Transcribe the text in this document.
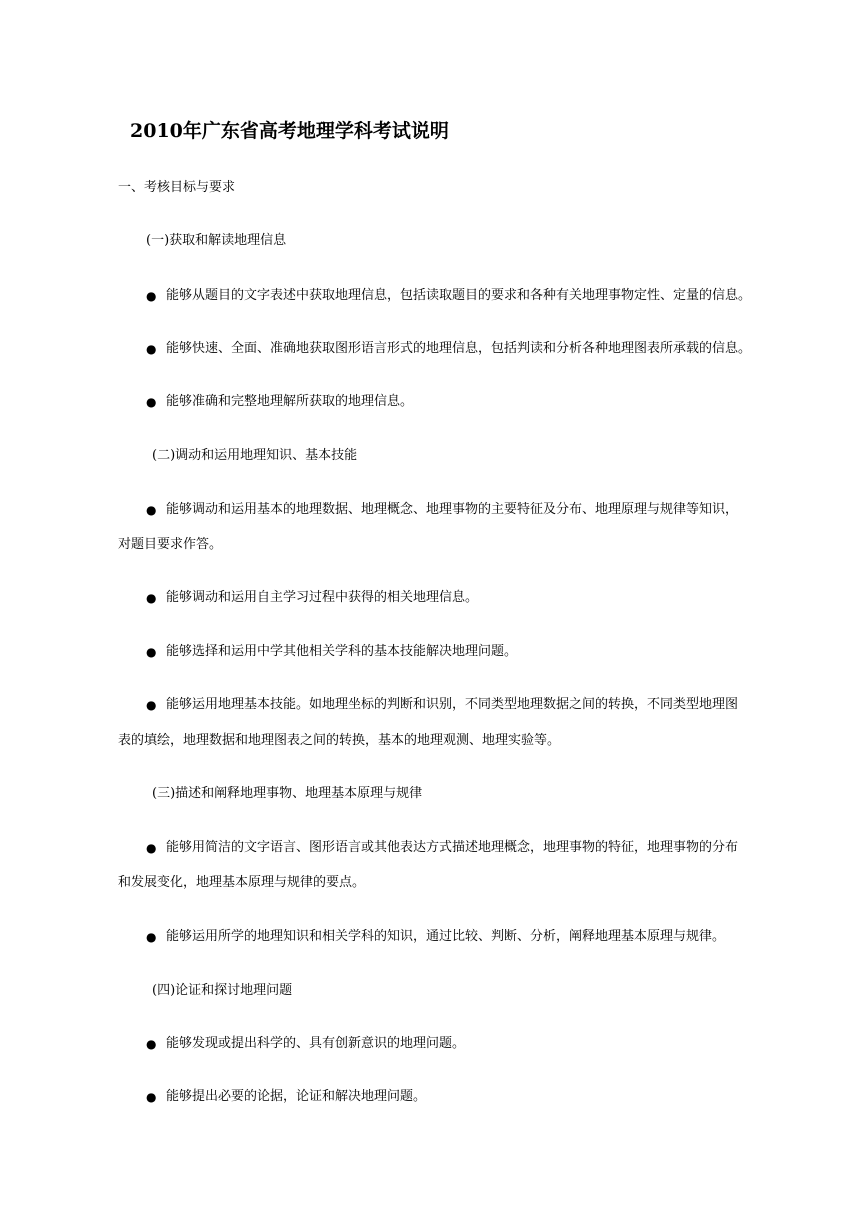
2010年广东省高考地理学科考试说明
一、考核目标与要求
(一)获取和解读地理信息
● 能够从题目的文字表述中获取地理信息，包括读取题目的要求和各种有关地理事物定性、定量的信息。
● 能够快速、全面、准确地获取图形语言形式的地理信息，包括判读和分析各种地理图表所承载的信息。
● 能够准确和完整地理解所获取的地理信息。
(二)调动和运用地理知识、基本技能
● 能够调动和运用基本的地理数据、地理概念、地理事物的主要特征及分布、地理原理与规律等知识，
对题目要求作答。
● 能够调动和运用自主学习过程中获得的相关地理信息。
● 能够选择和运用中学其他相关学科的基本技能解决地理问题。
● 能够运用地理基本技能。如地理坐标的判断和识别，不同类型地理数据之间的转换，不同类型地理图
表的填绘，地理数据和地理图表之间的转换，基本的地理观测、地理实验等。
(三)描述和阐释地理事物、地理基本原理与规律
● 能够用简洁的文字语言、图形语言或其他表达方式描述地理概念，地理事物的特征，地理事物的分布
和发展变化，地理基本原理与规律的要点。
● 能够运用所学的地理知识和相关学科的知识，通过比较、判断、分析，阐释地理基本原理与规律。
(四)论证和探讨地理问题
● 能够发现或提出科学的、具有创新意识的地理问题。
● 能够提出必要的论据，论证和解决地理问题。
